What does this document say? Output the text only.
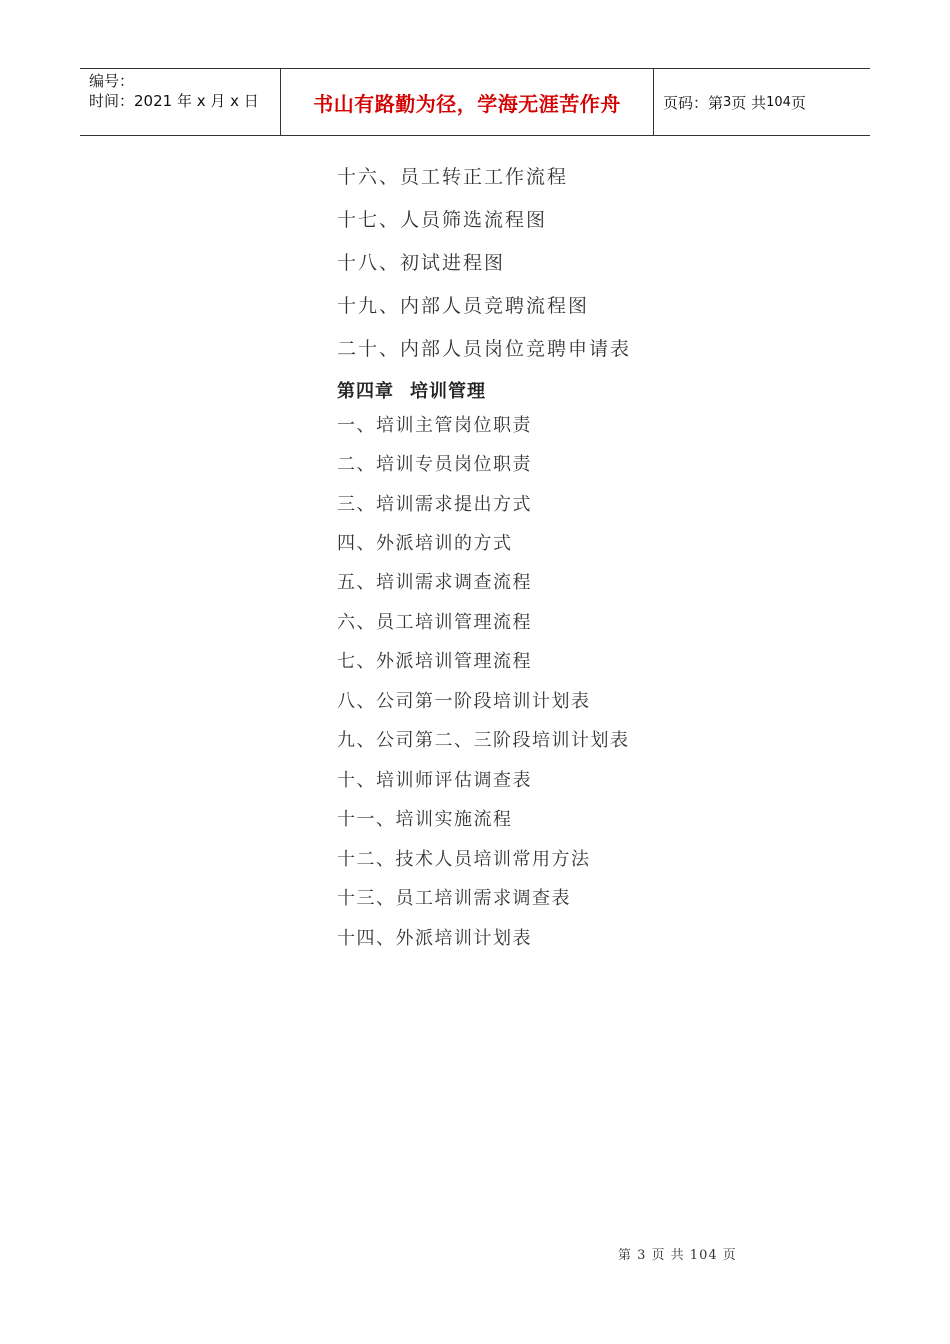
编号：
时间：2021 年 x 月 x 日	书山有路勤为径，学海无涯苦作舟	页码：第 3 页 共 104 页
十六、员工转正工作流程
十七、人员筛选流程图
十八、初试进程图
十九、内部人员竞聘流程图
二十、内部人员岗位竞聘申请表
第四章 培训管理
一、培训主管岗位职责
二、培训专员岗位职责
三、培训需求提出方式
四、外派培训的方式
五、培训需求调查流程
六、员工培训管理流程
七、外派培训管理流程
八、公司第一阶段培训计划表
九、公司第二、三阶段培训计划表
十、培训师评估调查表
十一、培训实施流程
十二、技术人员培训常用方法
十三、员工培训需求调查表
十四、外派培训计划表
第 3 页 共 104 页
